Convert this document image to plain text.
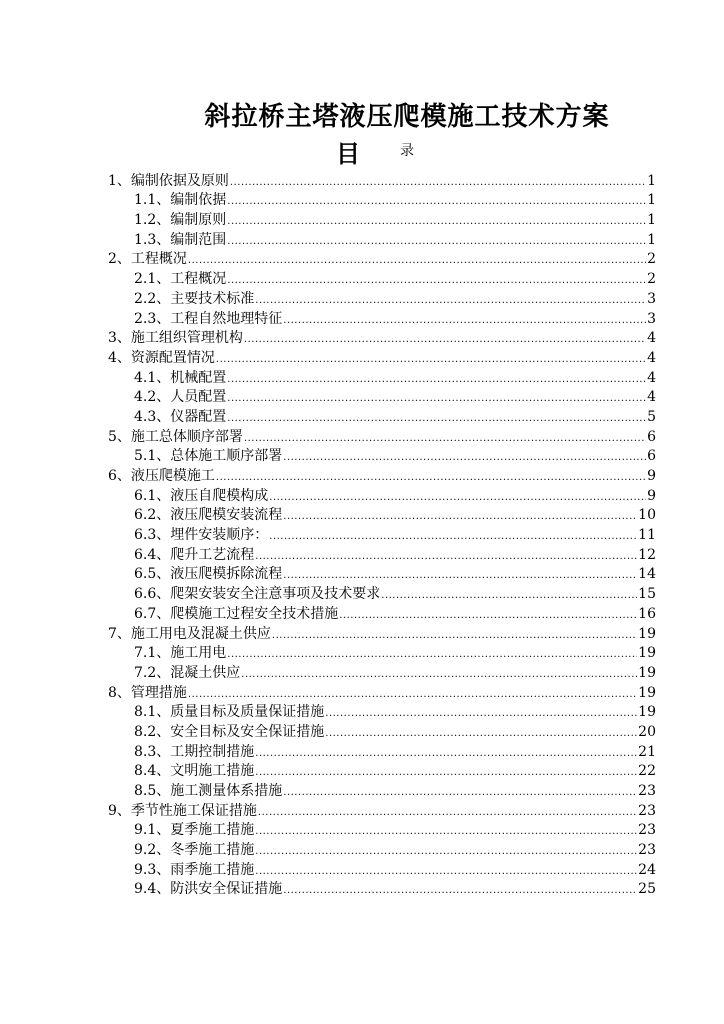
斜拉桥主塔液压爬模施工技术方案
目	录
1、编制依据及原则 .....	1
1.1、编制依据 .....	1
1.2、编制原则 .....	1
1.3、编制范围 .....	1
2、工程概况 .....	2
2.1、工程概况 .....	2
2.2、主要技术标准 .....	3
2.3、工程自然地理特征 .....	3
3、施工组织管理机构 .....	4
4、资源配置情况 .....	4
4.1、机械配置 .....	4
4.2、人员配置 .....	4
4.3、仪器配置 .....	5
5、施工总体顺序部署 .....	6
5.1、总体施工顺序部署 .....	6
6、液压爬模施工 .....	9
6.1、液压自爬模构成 .....	9
6.2、液压爬模安装流程 .....	10
6.3、埋件安装顺序： .....	11
6.4、爬升工艺流程 .....	12
6.5、液压爬模拆除流程 .....	14
6.6、爬架安装安全注意事项及技术要求 .....	15
6.7、爬模施工过程安全技术措施 .....	16
7、施工用电及混凝土供应 .....	19
7.1、施工用电 .....	19
7.2、混凝土供应 .....	19
8、管理措施 .....	19
8.1、质量目标及质量保证措施 .....	19
8.2、安全目标及安全保证措施 .....	20
8.3、工期控制措施 .....	21
8.4、文明施工措施 .....	22
8.5、施工测量体系措施 .....	23
9、季节性施工保证措施 .....	23
9.1、夏季施工措施 .....	23
9.2、冬季施工措施 .....	23
9.3、雨季施工措施 .....	24
9.4、防洪安全保证措施 .....	25
